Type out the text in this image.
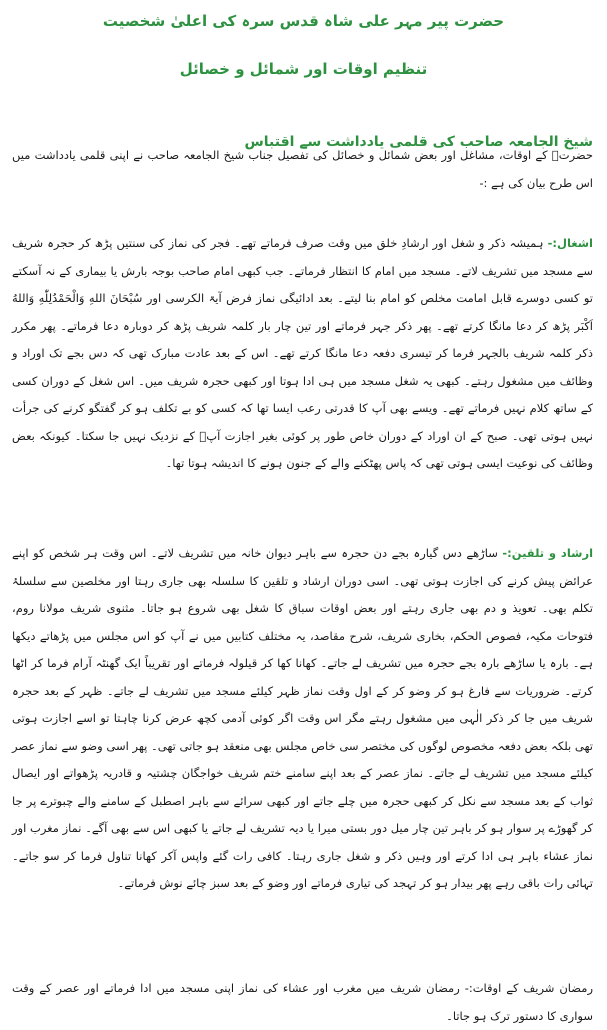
حضرت پیر مہر علی شاہ قدس سرہ کی اعلیٰ شخصیت
تنظیم اوقات اور شمائل و خصائل
شیخ الجامعہ صاحب کی قلمی یادداشت سے اقتباس

حضرتؒ کے اوقات، مشاغل اور بعض شمائل و خصائل کی تفصیل جناب شیخ الجامعہ صاحب نے اپنی قلمی یادداشت میں اس طرح بیان کی ہے :-

اشغال:- ہمیشہ ذکر و شغل اور ارشادِ خلق میں وقت صرف فرماتے تھے۔ فجر کی نماز کی سنتیں پڑھ کر حجرہ شریف سے مسجد میں تشریف لاتے۔ مسجد میں امام کا انتظار فرماتے۔ جب کبھی امام صاحب بوجہ بارش یا بیماری کے نہ آسکتے تو کسی دوسرے قابل امامت مخلص کو امام بنا لیتے۔ بعد ادائیگی نماز فرض آیۃ الکرسی اور سُبْحَانَ اللهِ وَالْحَمْدُلِلّٰهِ وَاللهُ اَكْبَر پڑھ کر دعا مانگا کرتے تھے۔ پھر ذکر جہر فرماتے اور تین چار بار کلمہ شریف پڑھ کر دوبارہ دعا فرماتے۔ پھر مکرر ذکر کلمہ شریف بالجہر فرما کر تیسری دفعہ دعا مانگا کرتے تھے۔ اس کے بعد عادت مبارک تھی کہ دس بجے تک اوراد و وظائف میں مشغول رہتے۔ کبھی یہ شغل مسجد میں ہی ادا ہوتا اور کبھی حجرہ شریف میں۔ اس شغل کے دوران کسی کے ساتھ کلام نہیں فرماتے تھے۔ ویسے بھی آپ کا قدرتی رعب ایسا تھا کہ کسی کو بے تکلف ہو کر گفتگو کرنے کی جرأت نہیں ہوتی تھی۔ صبح کے ان اوراد کے دوران خاص طور پر کوئی بغیر اجازت آپؒ کے نزدیک نہیں جا سکتا۔ کیونکہ بعض وظائف کی نوعیت ایسی ہوتی تھی کہ پاس پھٹکنے والے کے جنون ہونے کا اندیشہ ہوتا تھا۔

ارشاد و تلقین:- ساڑھے دس گیارہ بجے دن حجرہ سے باہر دیوان خانہ میں تشریف لاتے۔ اس وقت ہر شخص کو اپنے عرائض پیش کرنے کی اجازت ہوتی تھی۔ اسی دوران ارشاد و تلقین کا سلسلہ بھی جاری رہتا اور مخلصین سے سلسلۂ تکلم بھی۔ تعویذ و دم بھی جاری رہتے اور بعض اوقات سباق کا شغل بھی شروع ہو جاتا۔ مثنوی شریف مولانا روم، فتوحات مکیہ، فصوص الحکم، بخاری شریف، شرح مقاصد، یہ مختلف کتابیں میں نے آپ کو اس مجلس میں پڑھاتے دیکھا ہے۔ بارہ یا ساڑھے بارہ بجے حجرہ میں تشریف لے جاتے۔ کھانا کھا کر قیلولہ فرماتے اور تقریباً ایک گھنٹہ آرام فرما کر اٹھا کرتے۔ ضروریات سے فارغ ہو کر وضو کر کے اول وقت نماز ظہر کیلئے مسجد میں تشریف لے جاتے۔ ظہر کے بعد حجرہ شریف میں جا کر ذکر الٰہی میں مشغول رہتے مگر اس وقت اگر کوئی آدمی کچھ عرض کرنا چاہتا تو اسے اجازت ہوتی تھی بلکہ بعض دفعہ مخصوص لوگوں کی مختصر سی خاص مجلس بھی منعقد ہو جاتی تھی۔ پھر اسی وضو سے نماز عصر کیلئے مسجد میں تشریف لے جاتے۔ نماز عصر کے بعد اپنے سامنے ختم شریف خواجگان چشتیہ و قادریہ پڑھواتے اور ایصال ثواب کے بعد مسجد سے نکل کر کبھی حجرہ میں چلے جاتے اور کبھی سرائے سے باہر اصطبل کے سامنے والے چبوترے پر جا کر گھوڑے پر سوار ہو کر باہر تین چار میل دور بستی میرا یا دیہ تشریف لے جاتے یا کبھی اس سے بھی آگے۔ نماز مغرب اور نماز عشاء باہر ہی ادا کرتے اور وہیں ذکر و شغل جاری رہتا۔ کافی رات گئے واپس آکر کھانا تناول فرما کر سو جاتے۔ تہائی رات باقی رہے پھر بیدار ہو کر تہجد کی تیاری فرماتے اور وضو کے بعد سبز چائے نوش فرماتے۔

رمضان شریف کے اوقات:- رمضان شریف میں مغرب اور عشاء کی نماز اپنی مسجد میں ادا فرماتے اور عصر کے وقت سواری کا دستور ترک ہو جاتا۔
